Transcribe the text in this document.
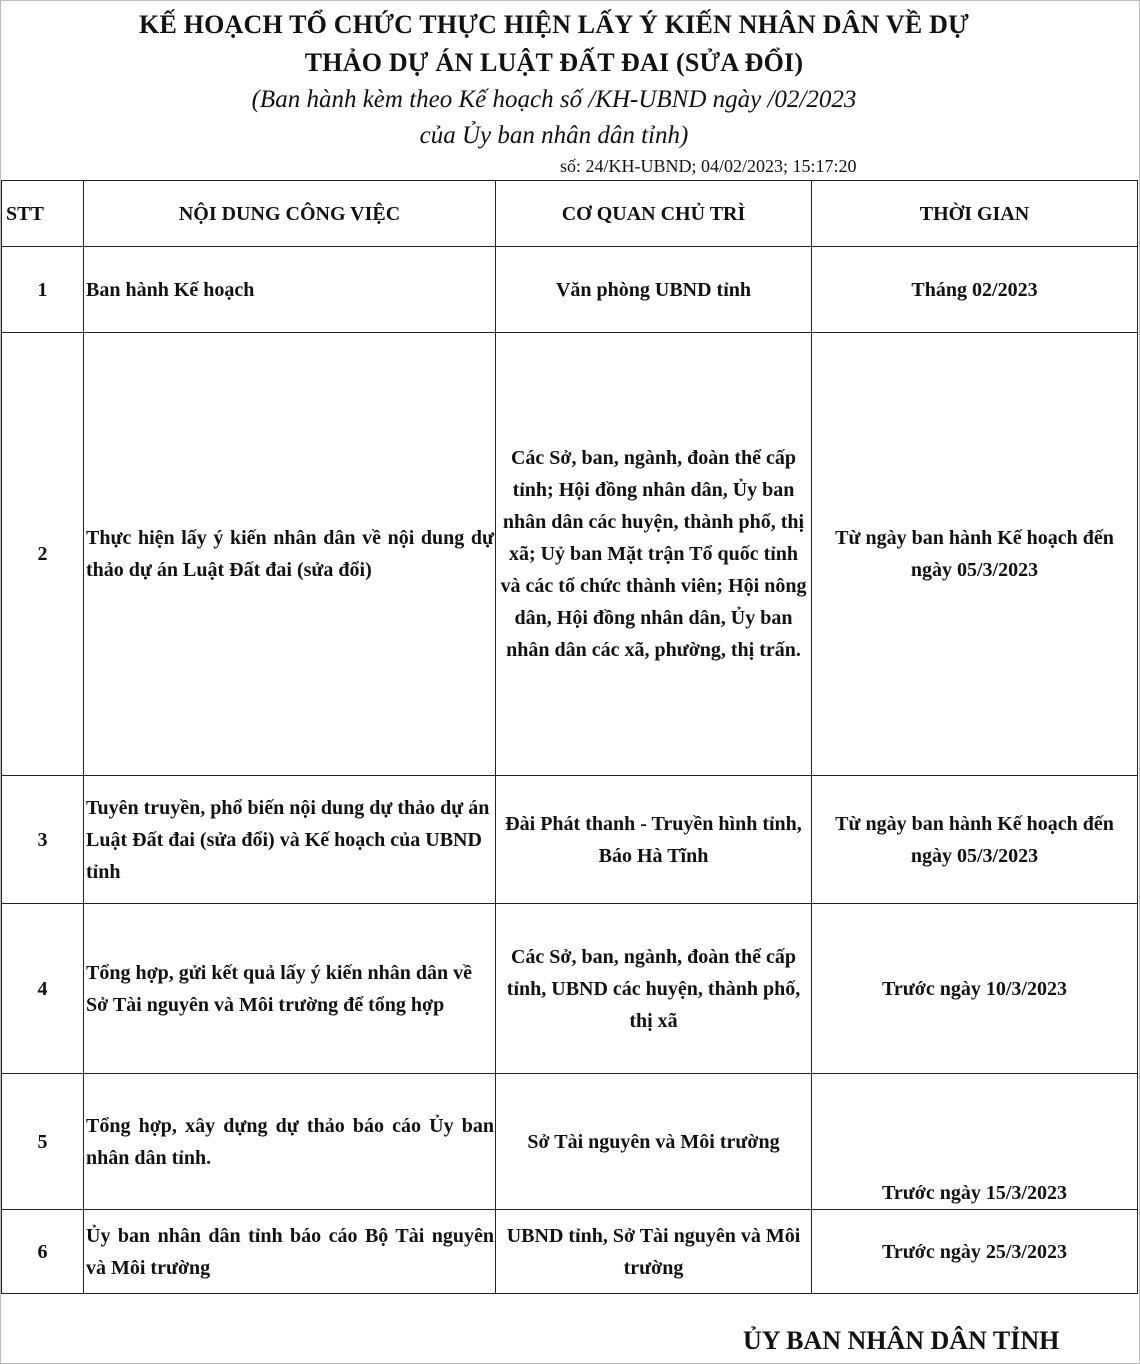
KẾ HOẠCH TỔ CHỨC THỰC HIỆN LẤY Ý KIẾN NHÂN DÂN VỀ DỰ
THẢO DỰ ÁN LUẬT ĐẤT ĐAI (SỬA ĐỔI)
(Ban hành kèm theo Kế hoạch số /KH-UBND ngày /02/2023
của Ủy ban nhân dân tỉnh)
số: 24/KH-UBND; 04/02/2023; 15:17:20
STT	NỘI DUNG CÔNG VIỆC	CƠ QUAN CHỦ TRÌ	THỜI GIAN
1	Ban hành Kế hoạch	Văn phòng UBND tỉnh	Tháng 02/2023
2	Thực hiện lấy ý kiến nhân dân về nội dung dự thảo dự án Luật Đất đai (sửa đổi)	Các Sở, ban, ngành, đoàn thể cấp tỉnh; Hội đồng nhân dân, Ủy ban nhân dân các huyện, thành phố, thị xã; Uỷ ban Mặt trận Tổ quốc tỉnh và các tổ chức thành viên; Hội nông dân, Hội đồng nhân dân, Ủy ban nhân dân các xã, phường, thị trấn.	Từ ngày ban hành Kế hoạch đến ngày 05/3/2023
3	Tuyên truyền, phổ biến nội dung dự thảo dự án Luật Đất đai (sửa đổi) và Kế hoạch của UBND tỉnh	Đài Phát thanh - Truyền hình tỉnh, Báo Hà Tĩnh	Từ ngày ban hành Kế hoạch đến ngày 05/3/2023
4	Tổng hợp, gửi kết quả lấy ý kiến nhân dân về Sở Tài nguyên và Môi trường để tổng hợp	Các Sở, ban, ngành, đoàn thể cấp tỉnh, UBND các huyện, thành phố, thị xã	Trước ngày 10/3/2023
5	Tổng hợp, xây dựng dự thảo báo cáo Ủy ban nhân dân tỉnh.	Sở Tài nguyên và Môi trường	Trước ngày 15/3/2023
6	Ủy ban nhân dân tỉnh báo cáo Bộ Tài nguyên và Môi trường	UBND tỉnh, Sở Tài nguyên và Môi trường	Trước ngày 25/3/2023
ỦY BAN NHÂN DÂN TỈNH
